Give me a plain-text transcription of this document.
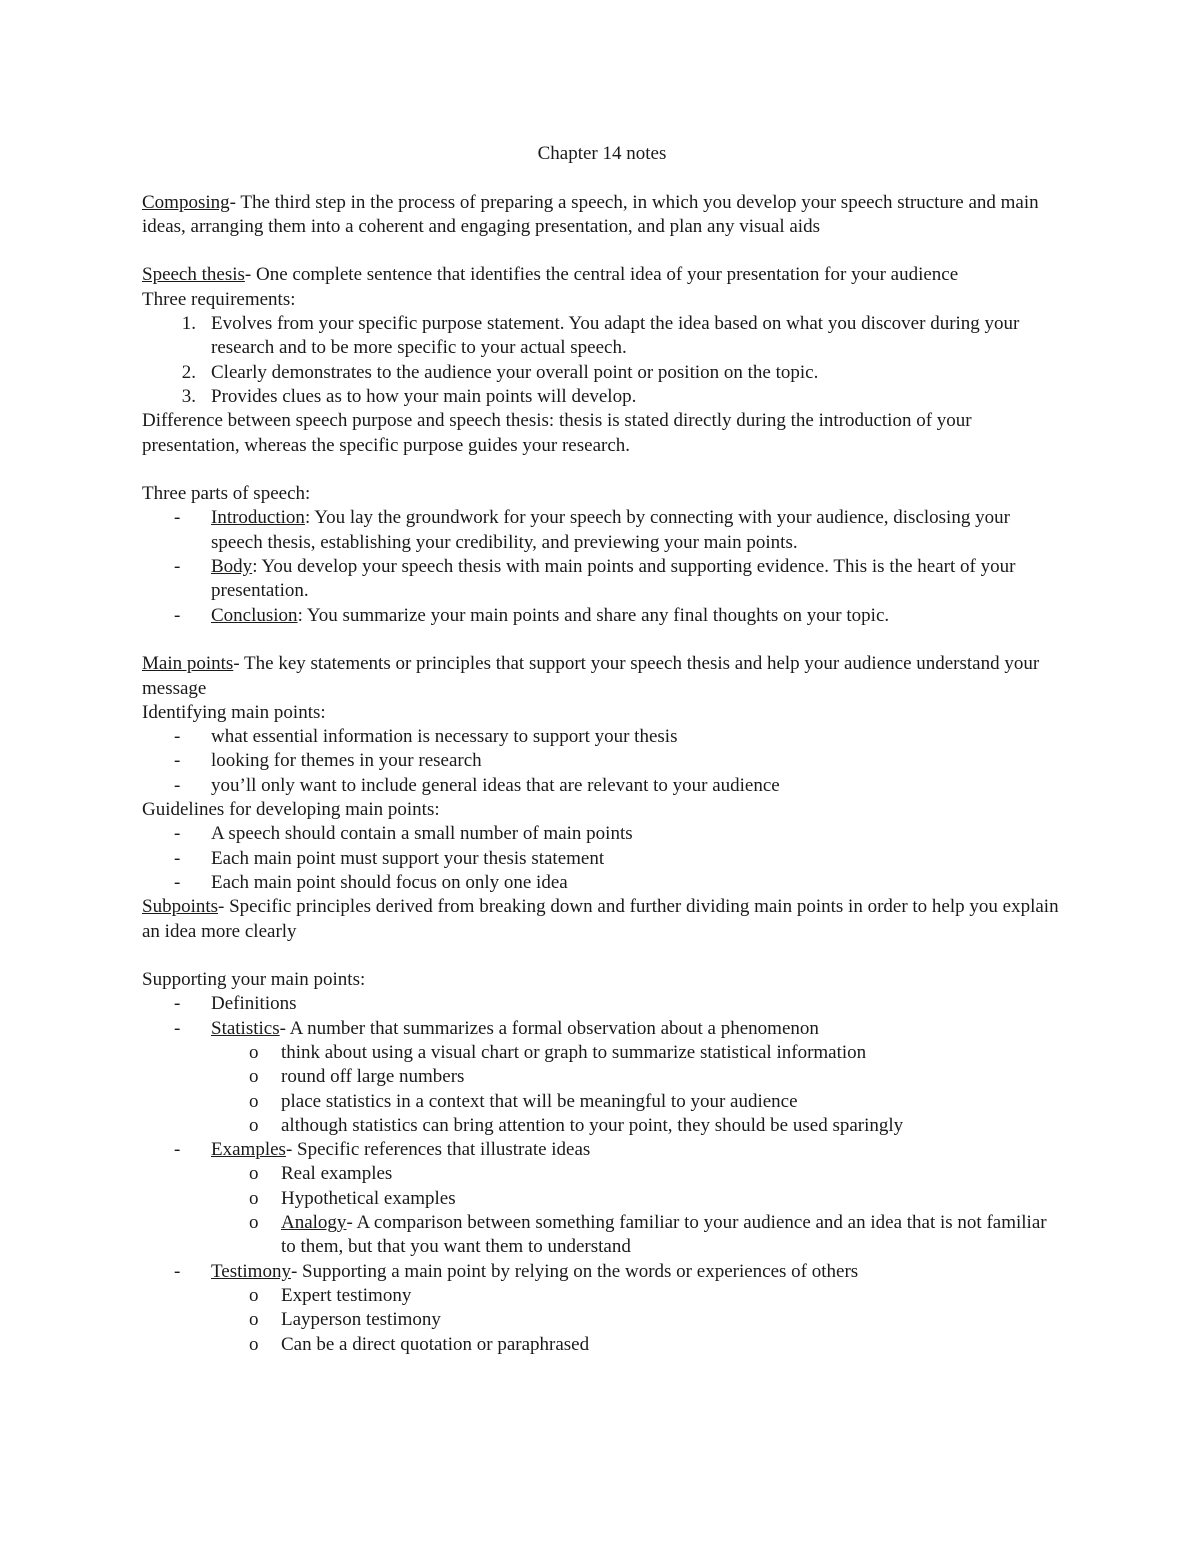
Chapter 14 notes

Composing- The third step in the process of preparing a speech, in which you develop your speech structure and main ideas, arranging them into a coherent and engaging presentation, and plan any visual aids

Speech thesis- One complete sentence that identifies the central idea of your presentation for your audience

Three requirements:

1. Evolves from your specific purpose statement. You adapt the idea based on what you discover during your research and to be more specific to your actual speech.
2. Clearly demonstrates to the audience your overall point or position on the topic.
3. Provides clues as to how your main points will develop.

Difference between speech purpose and speech thesis: thesis is stated directly during the introduction of your presentation, whereas the specific purpose guides your research.

Three parts of speech:

- Introduction: You lay the groundwork for your speech by connecting with your audience, disclosing your speech thesis, establishing your credibility, and previewing your main points.
- Body: You develop your speech thesis with main points and supporting evidence. This is the heart of your presentation.
- Conclusion: You summarize your main points and share any final thoughts on your topic.

Main points- The key statements or principles that support your speech thesis and help your audience understand your message

Identifying main points:

- what essential information is necessary to support your thesis
- looking for themes in your research
- you’ll only want to include general ideas that are relevant to your audience

Guidelines for developing main points:

- A speech should contain a small number of main points
- Each main point must support your thesis statement
- Each main point should focus on only one idea

Subpoints- Specific principles derived from breaking down and further dividing main points in order to help you explain an idea more clearly

Supporting your main points:

- Definitions
- Statistics- A number that summarizes a formal observation about a phenomenon
o think about using a visual chart or graph to summarize statistical information
o round off large numbers
o place statistics in a context that will be meaningful to your audience
o although statistics can bring attention to your point, they should be used sparingly
- Examples- Specific references that illustrate ideas
o Real examples
o Hypothetical examples
o Analogy- A comparison between something familiar to your audience and an idea that is not familiar to them, but that you want them to understand
- Testimony- Supporting a main point by relying on the words or experiences of others
o Expert testimony
o Layperson testimony
o Can be a direct quotation or paraphrased
